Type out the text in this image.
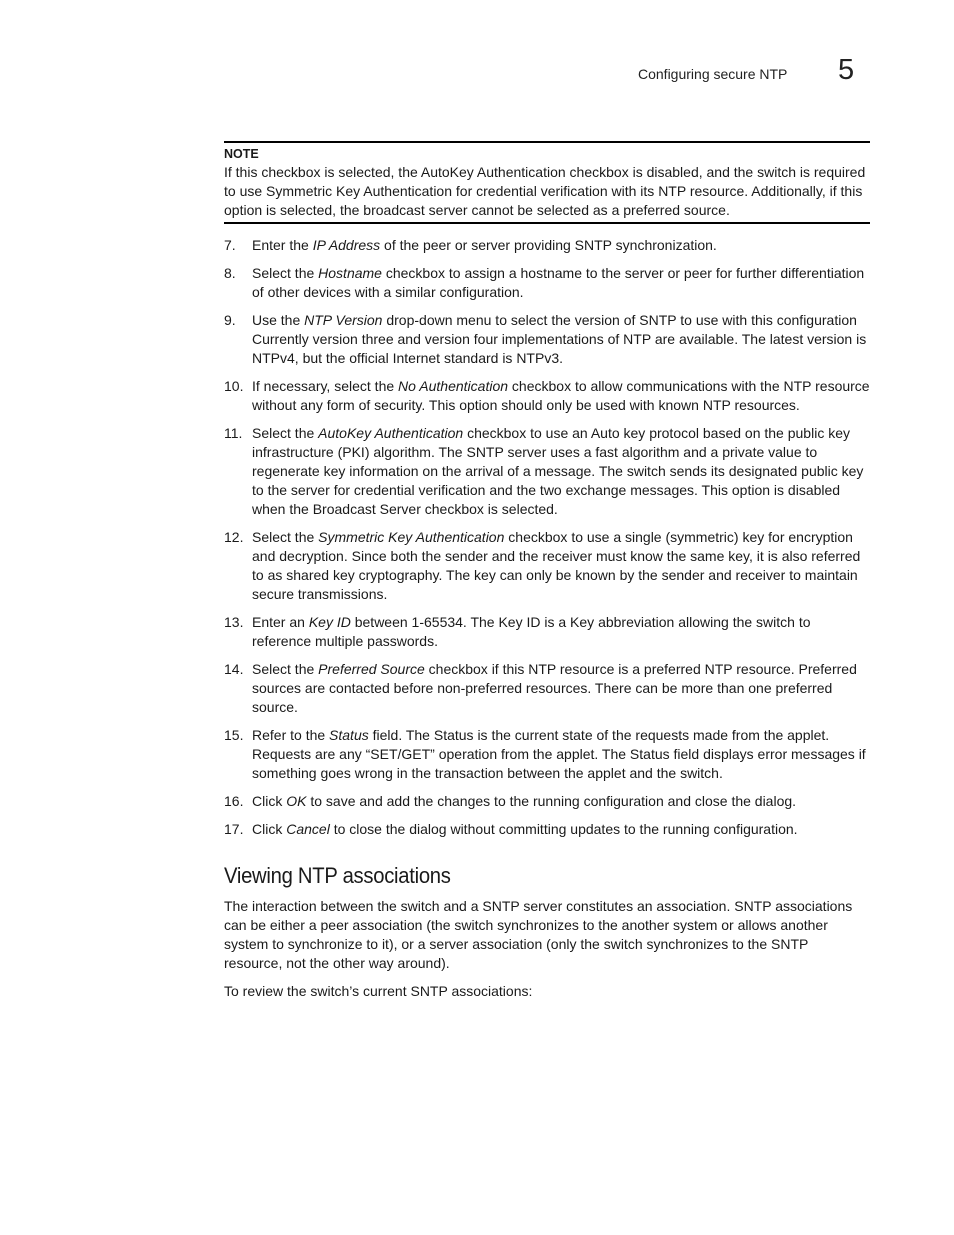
Configuring secure NTP 5
NOTE

If this checkbox is selected, the AutoKey Authentication checkbox is disabled, and the switch is required to use Symmetric Key Authentication for credential verification with its NTP resource. Additionally, if this option is selected, the broadcast server cannot be selected as a preferred source.

7. Enter the IP Address of the peer or server providing SNTP synchronization.
8. Select the Hostname checkbox to assign a hostname to the server or peer for further differentiation of other devices with a similar configuration.
9. Use the NTP Version drop-down menu to select the version of SNTP to use with this configuration Currently version three and version four implementations of NTP are available. The latest version is NTPv4, but the official Internet standard is NTPv3.
10. If necessary, select the No Authentication checkbox to allow communications with the NTP resource without any form of security. This option should only be used with known NTP resources.
11. Select the AutoKey Authentication checkbox to use an Auto key protocol based on the public key infrastructure (PKI) algorithm. The SNTP server uses a fast algorithm and a private value to regenerate key information on the arrival of a message. The switch sends its designated public key to the server for credential verification and the two exchange messages. This option is disabled when the Broadcast Server checkbox is selected.
12. Select the Symmetric Key Authentication checkbox to use a single (symmetric) key for encryption and decryption. Since both the sender and the receiver must know the same key, it is also referred to as shared key cryptography. The key can only be known by the sender and receiver to maintain secure transmissions.
13. Enter an Key ID between 1-65534. The Key ID is a Key abbreviation allowing the switch to reference multiple passwords.
14. Select the Preferred Source checkbox if this NTP resource is a preferred NTP resource. Preferred sources are contacted before non-preferred resources. There can be more than one preferred source.
15. Refer to the Status field. The Status is the current state of the requests made from the applet. Requests are any “SET/GET” operation from the applet. The Status field displays error messages if something goes wrong in the transaction between the applet and the switch.
16. Click OK to save and add the changes to the running configuration and close the dialog.
17. Click Cancel to close the dialog without committing updates to the running configuration.
Viewing NTP associations

The interaction between the switch and a SNTP server constitutes an association. SNTP associations can be either a peer association (the switch synchronizes to the another system or allows another system to synchronize to it), or a server association (only the switch synchronizes to the SNTP resource, not the other way around).

To review the switch’s current SNTP associations:
